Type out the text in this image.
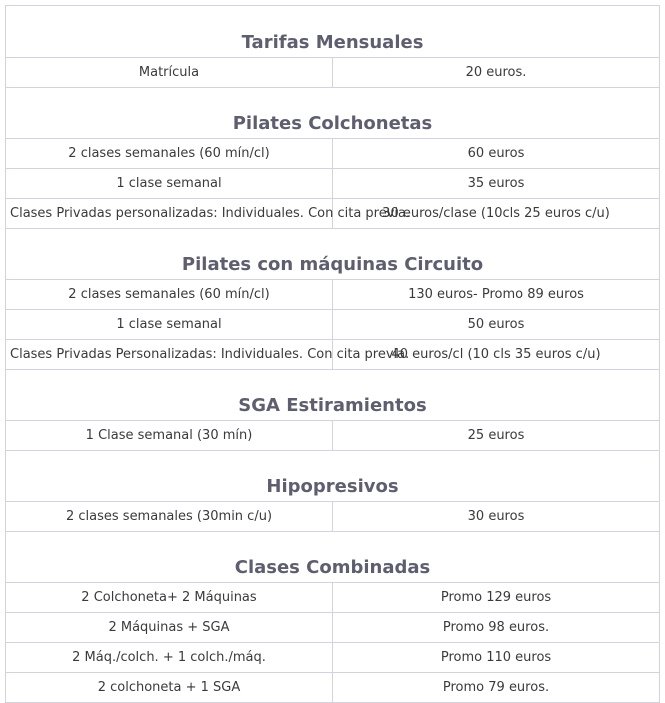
Tarifas Mensuales	
Matrícula	20 euros.
Pilates Colchonetas	
2 clases semanales (60 mín/cl)	60 euros
1 clase semanal	35 euros
Clases Privadas personalizadas: Individuales. Con cita previa.	30 euros/clase (10cls 25 euros c/u)
Pilates con máquinas Circuito	
2 clases semanales (60 mín/cl)	130 euros- Promo 89 euros
1 clase semanal	50 euros
Clases Privadas Personalizadas: Individuales. Con cita previa.	40 euros/cl (10 cls 35 euros c/u)
SGA Estiramientos	
1 Clase semanal (30 mín)	25 euros
Hipopresivos	
2 clases semanales (30min c/u)	30 euros
Clases Combinadas	
2 Colchoneta+ 2 Máquinas	Promo 129 euros
2 Máquinas + SGA	Promo 98 euros.
2 Máq./colch. + 1 colch./máq.	Promo 110 euros
2 colchoneta + 1 SGA	Promo 79 euros.
